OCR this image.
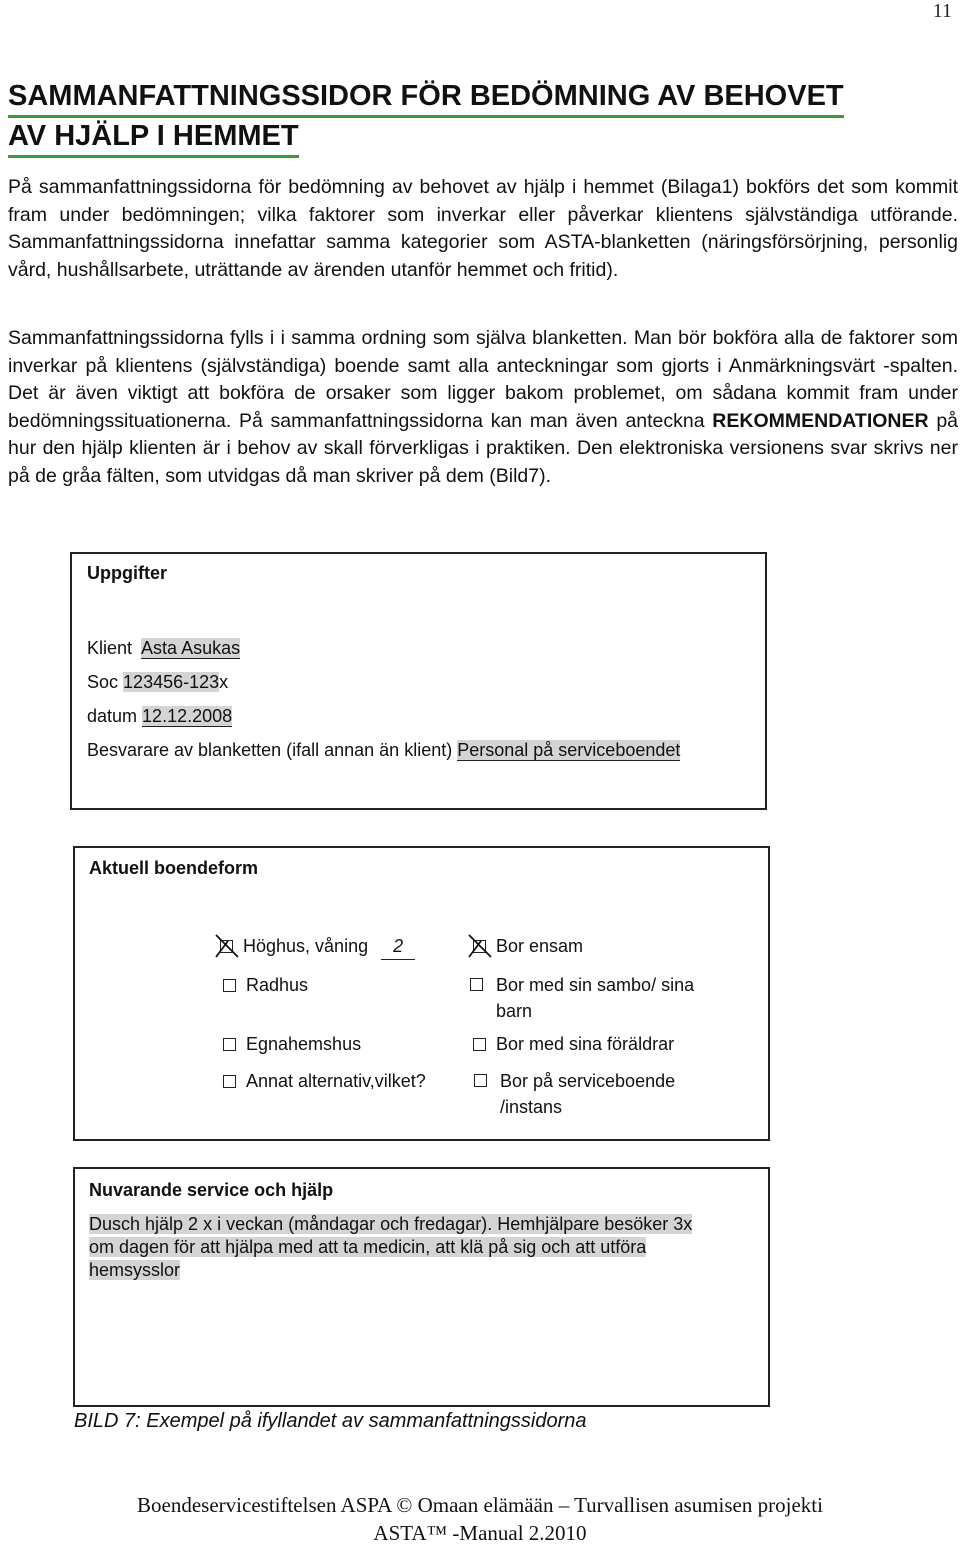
11
SAMMANFATTNINGSSIDOR FÖR BEDÖMNING AV BEHOVET
AV HJÄLP I HEMMET

På sammanfattningssidorna för bedömning av behovet av hjälp i hemmet (Bilaga1) bokförs det som kommit fram under bedömningen; vilka faktorer som inverkar eller påverkar klientens självständiga utförande. Sammanfattningssidorna innefattar samma kategorier som ASTA-blanketten (näringsförsörjning, personlig vård, hushållsarbete, uträttande av ärenden utanför hemmet och fritid).

Sammanfattningssidorna fylls i i samma ordning som själva blanketten. Man bör bokföra alla de faktorer som inverkar på klientens (självständiga) boende samt alla anteckningar som gjorts i Anmärkningsvärt -spalten. Det är även viktigt att bokföra de orsaker som ligger bakom problemet, om sådana kommit fram under bedömningssituationerna. På sammanfattningssidorna kan man även anteckna REKOMMENDATIONER på hur den hjälp klienten är i behov av skall förverkligas i praktiken. Den elektroniska versionens svar skrivs ner på de gråa fälten, som utvidgas då man skriver på dem (Bild7).

Uppgifter
Klient Asta Asukas
Soc 123456-123x
datum 12.12.2008
Besvarare av blanketten (ifall annan än klient) Personal på serviceboendet
Aktuell boendeform
Höghus, våning 2
Radhus
Egnahemshus
Annat alternativ,vilket?
Bor ensam
Bor med sin sambo/ sina barn
Bor med sina föräldrar
Bor på serviceboende /instans
Nuvarande service och hjälp
Dusch hjälp 2 x i veckan (måndagar och fredagar). Hemhjälpare besöker 3x
om dagen för att hjälpa med att ta medicin, att klä på sig och att utföra
hemsysslor
BILD 7: Exempel på ifyllandet av sammanfattningssidorna
Boendeservicestiftelsen ASPA © Omaan elämään – Turvallisen asumisen projekti
ASTA™ -Manual 2.2010
